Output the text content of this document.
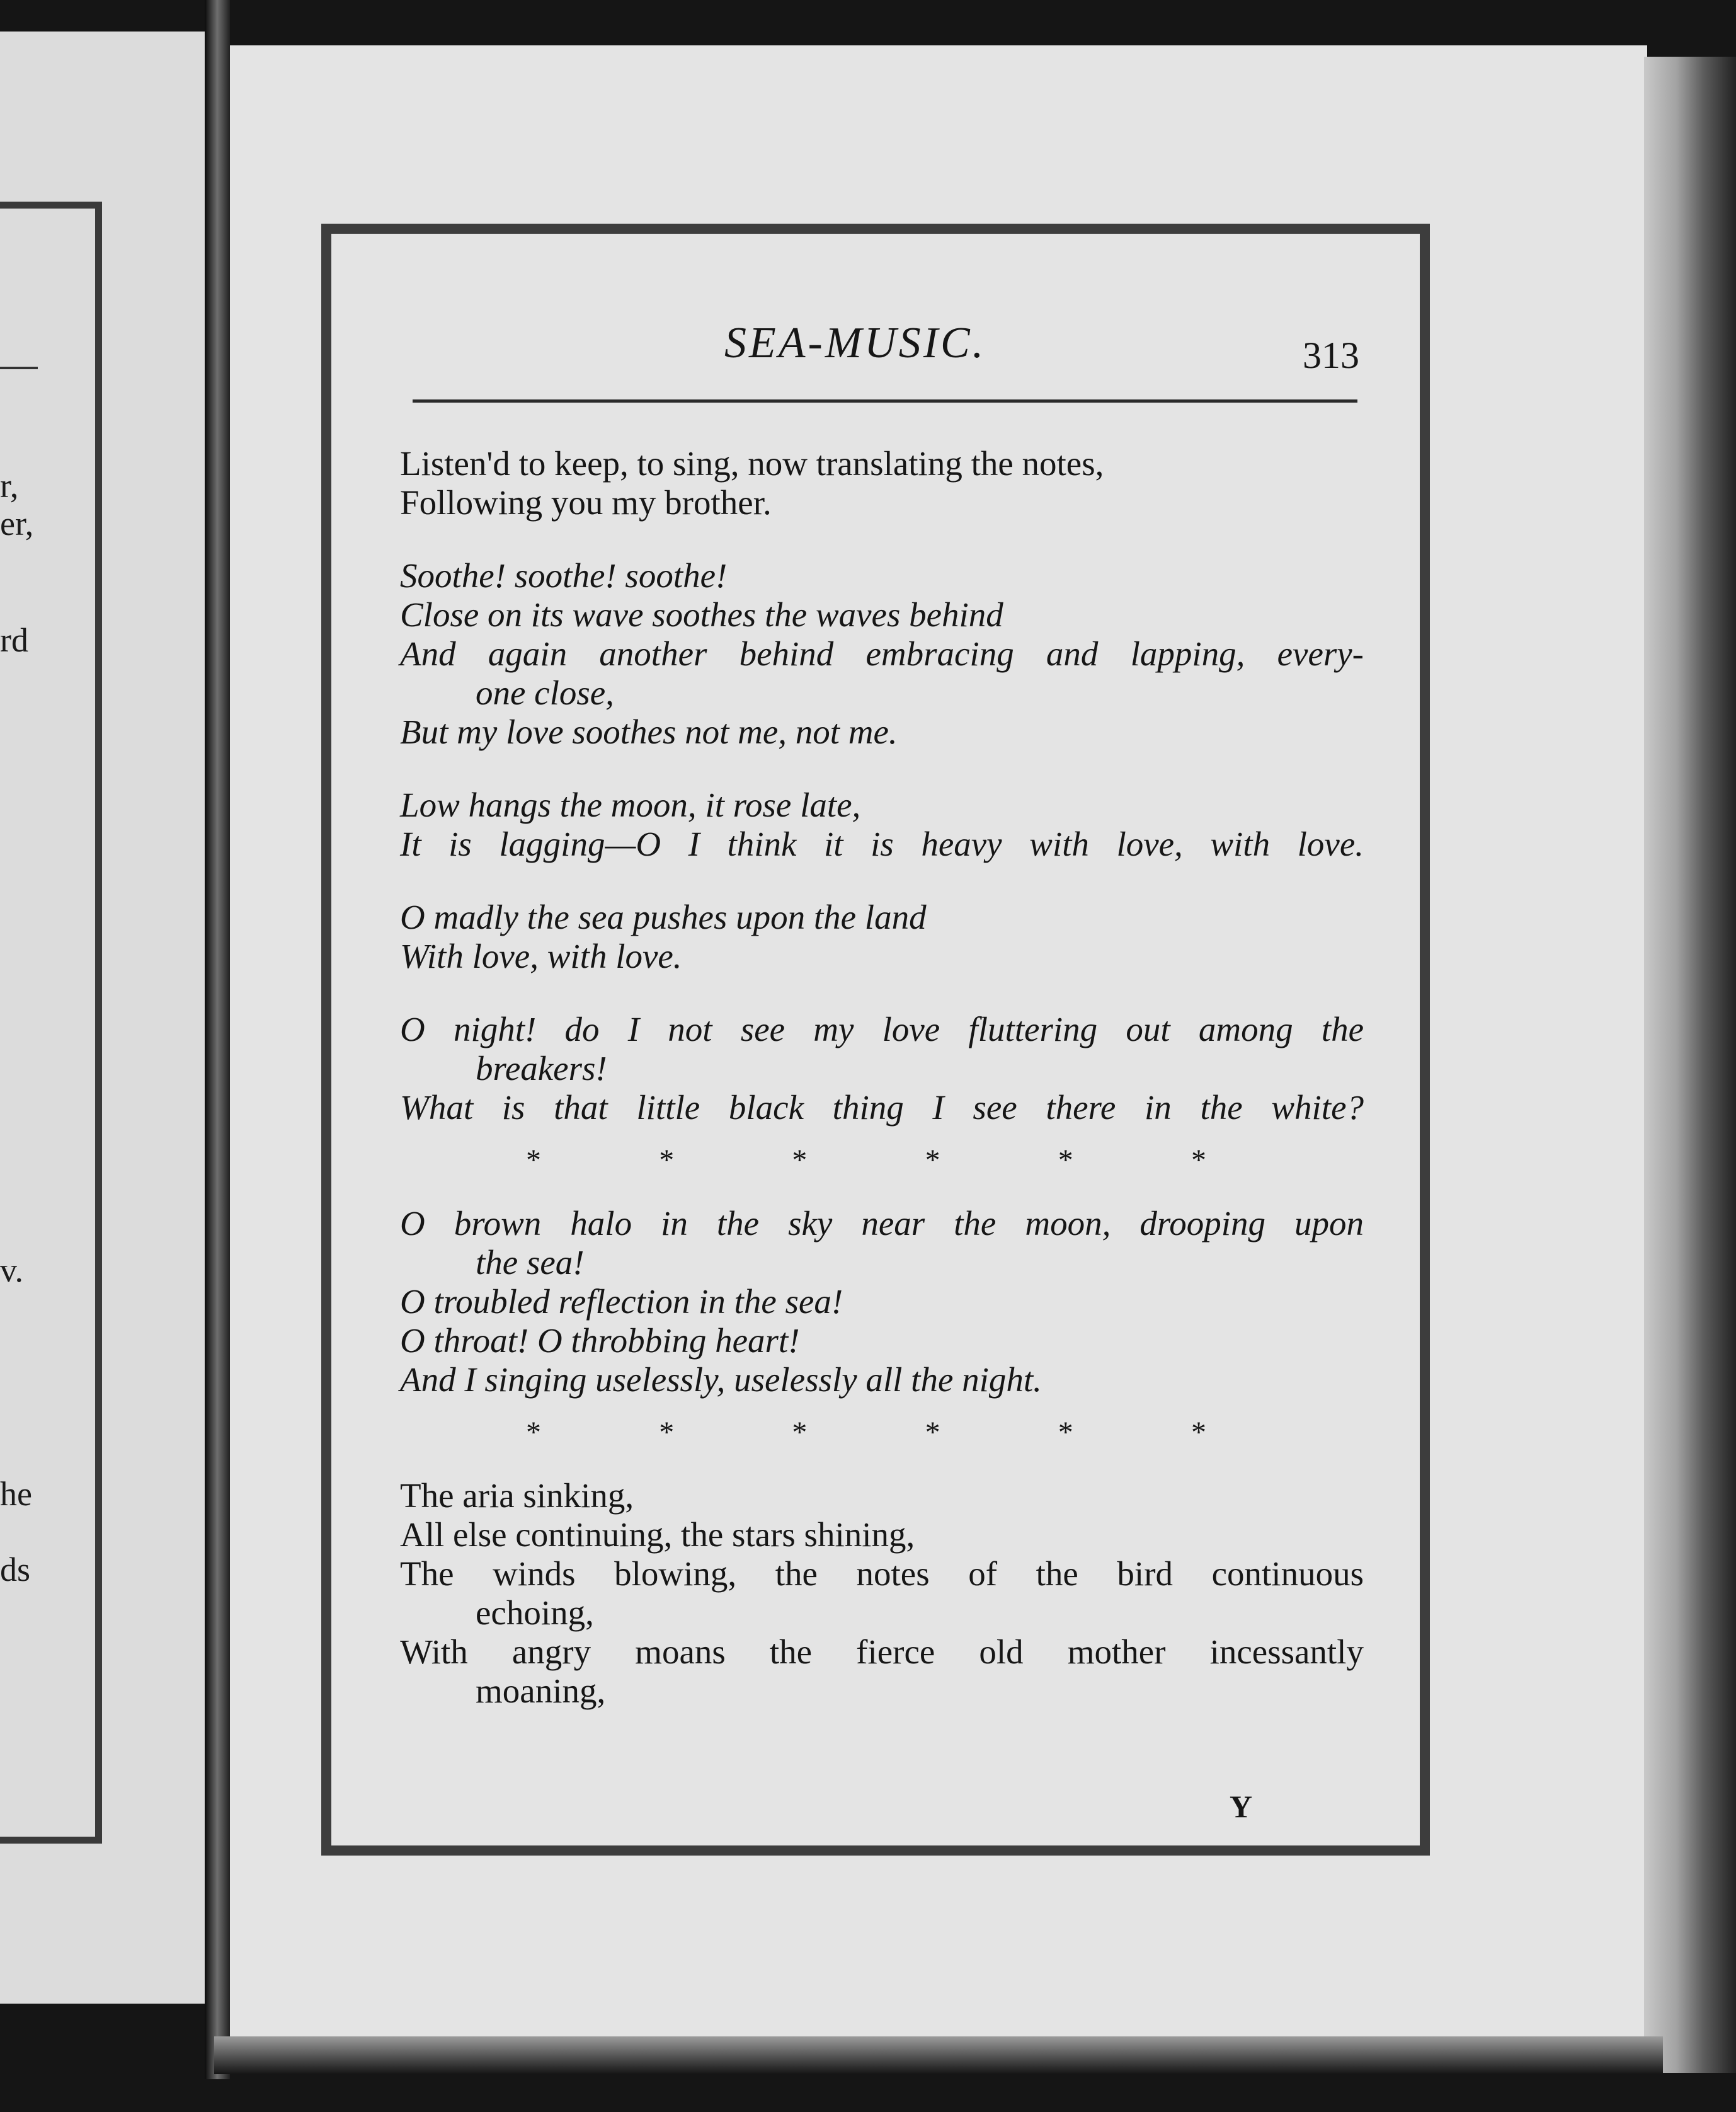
r,
er,
rd
v.
he
ds
SEA-MUSIC.	313
Listen'd to keep, to sing, now translating the notes,
Following you my brother.
Soothe! soothe! soothe!
Close on its wave soothes the waves behind
And again another behind embracing and lapping, every-
one close,
But my love soothes not me, not me.
Low hangs the moon, it rose late,
It is lagging—O I think it is heavy with love, with love.
O madly the sea pushes upon the land
With love, with love.
O night! do I not see my love fluttering out among the
breakers!
What is that little black thing I see there in the white?
*	*	*	*	*	*
O brown halo in the sky near the moon, drooping upon
the sea!
O troubled reflection in the sea!
O throat! O throbbing heart!
And I singing uselessly, uselessly all the night.
*	*	*	*	*	*
The aria sinking,
All else continuing, the stars shining,
The winds blowing, the notes of the bird continuous
echoing,
With angry moans the fierce old mother incessantly
moaning,
Y
